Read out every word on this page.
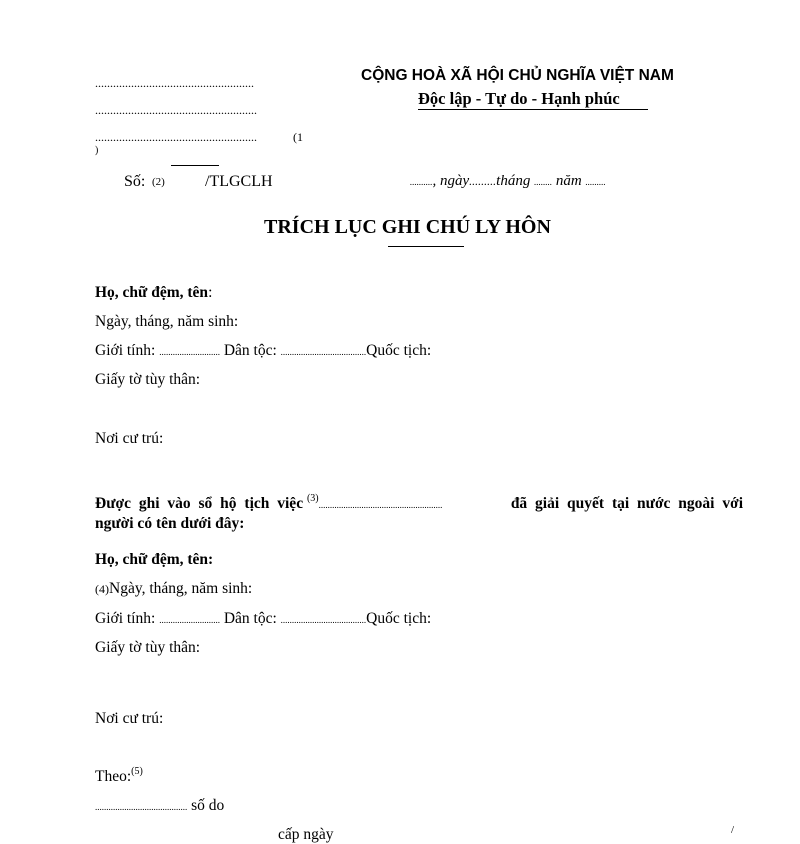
.....................................................
......................................................
......................................................	(1
)
CỘNG HOÀ XÃ HỘI CHỦ NGHĨA VIỆT NAM
Độc lập - Tự do - Hạnh phúc
Số: (2)	/TLGCLH	.........., ngày.........tháng ........ năm .........
TRÍCH LỤC GHI CHÚ LY HÔN
Họ, chữ đệm, tên:
Ngày, tháng, năm sinh:
Giới tính: ........................... Dân tộc: ......................................Quốc tịch:
Giấy tờ tùy thân:
Nơi cư trú:
Được ghi vào sổ hộ tịch việc $^{(3)}$.......................................................	đã giải quyết tại nước ngoài với
người có tên dưới đây:
Họ, chữ đệm, tên:
(4)Ngày, tháng, năm sinh:
Giới tính: ........................... Dân tộc: ......................................Quốc tịch:
Giấy tờ tùy thân:
Nơi cư trú:
Theo:$^{(5)}$
......................................... số do
cấp ngày	/
